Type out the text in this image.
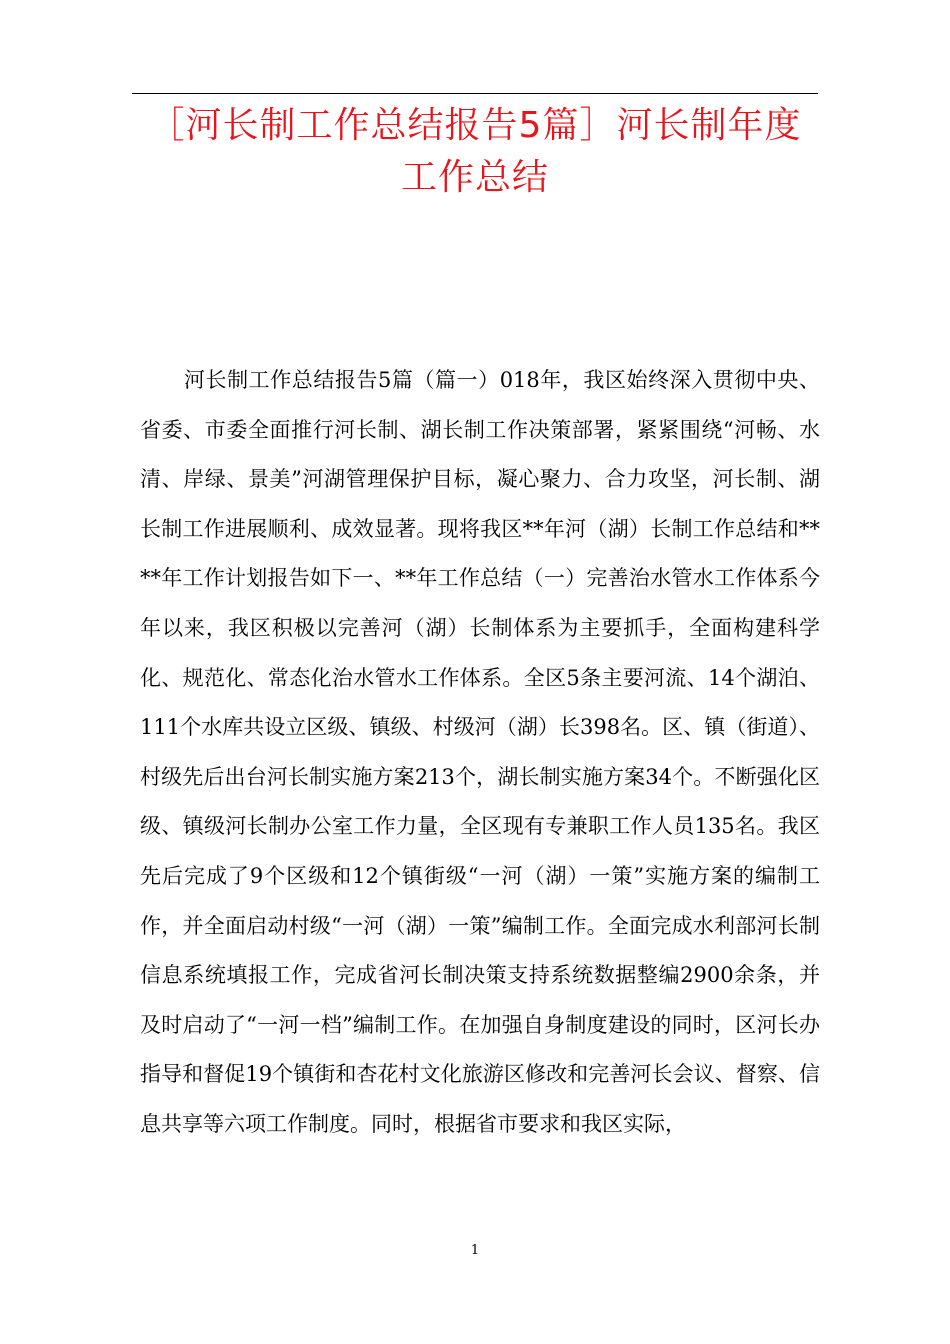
［河长制工作总结报告5篇］河长制年度工作总结

河长制工作总结报告5篇（篇一）018年，我区始终深入贯彻中央、省委、市委全面推行河长制、湖长制工作决策部署，紧紧围绕“河畅、水清、岸绿、景美”河湖管理保护目标，凝心聚力、合力攻坚，河长制、湖长制工作进展顺利、成效显著。现将我区**年河（湖）长制工作总结和****年工作计划报告如下一、**年工作总结（一）完善治水管水工作体系今年以来，我区积极以完善河（湖）长制体系为主要抓手，全面构建科学化、规范化、常态化治水管水工作体系。全区5条主要河流、14个湖泊、111个水库共设立区级、镇级、村级河（湖）长398名。区、镇（街道）、村级先后出台河长制实施方案213个，湖长制实施方案34个。不断强化区级、镇级河长制办公室工作力量，全区现有专兼职工作人员135名。我区先后完成了9个区级和12个镇街级“一河（湖）一策”实施方案的编制工作，并全面启动村级“一河（湖）一策”编制工作。全面完成水利部河长制信息系统填报工作，完成省河长制决策支持系统数据整编2900余条，并及时启动了“一河一档”编制工作。在加强自身制度建设的同时，区河长办指导和督促19个镇街和杏花村文化旅游区修改和完善河长会议、督察、信息共享等六项工作制度。同时，根据省市要求和我区实际，

1
